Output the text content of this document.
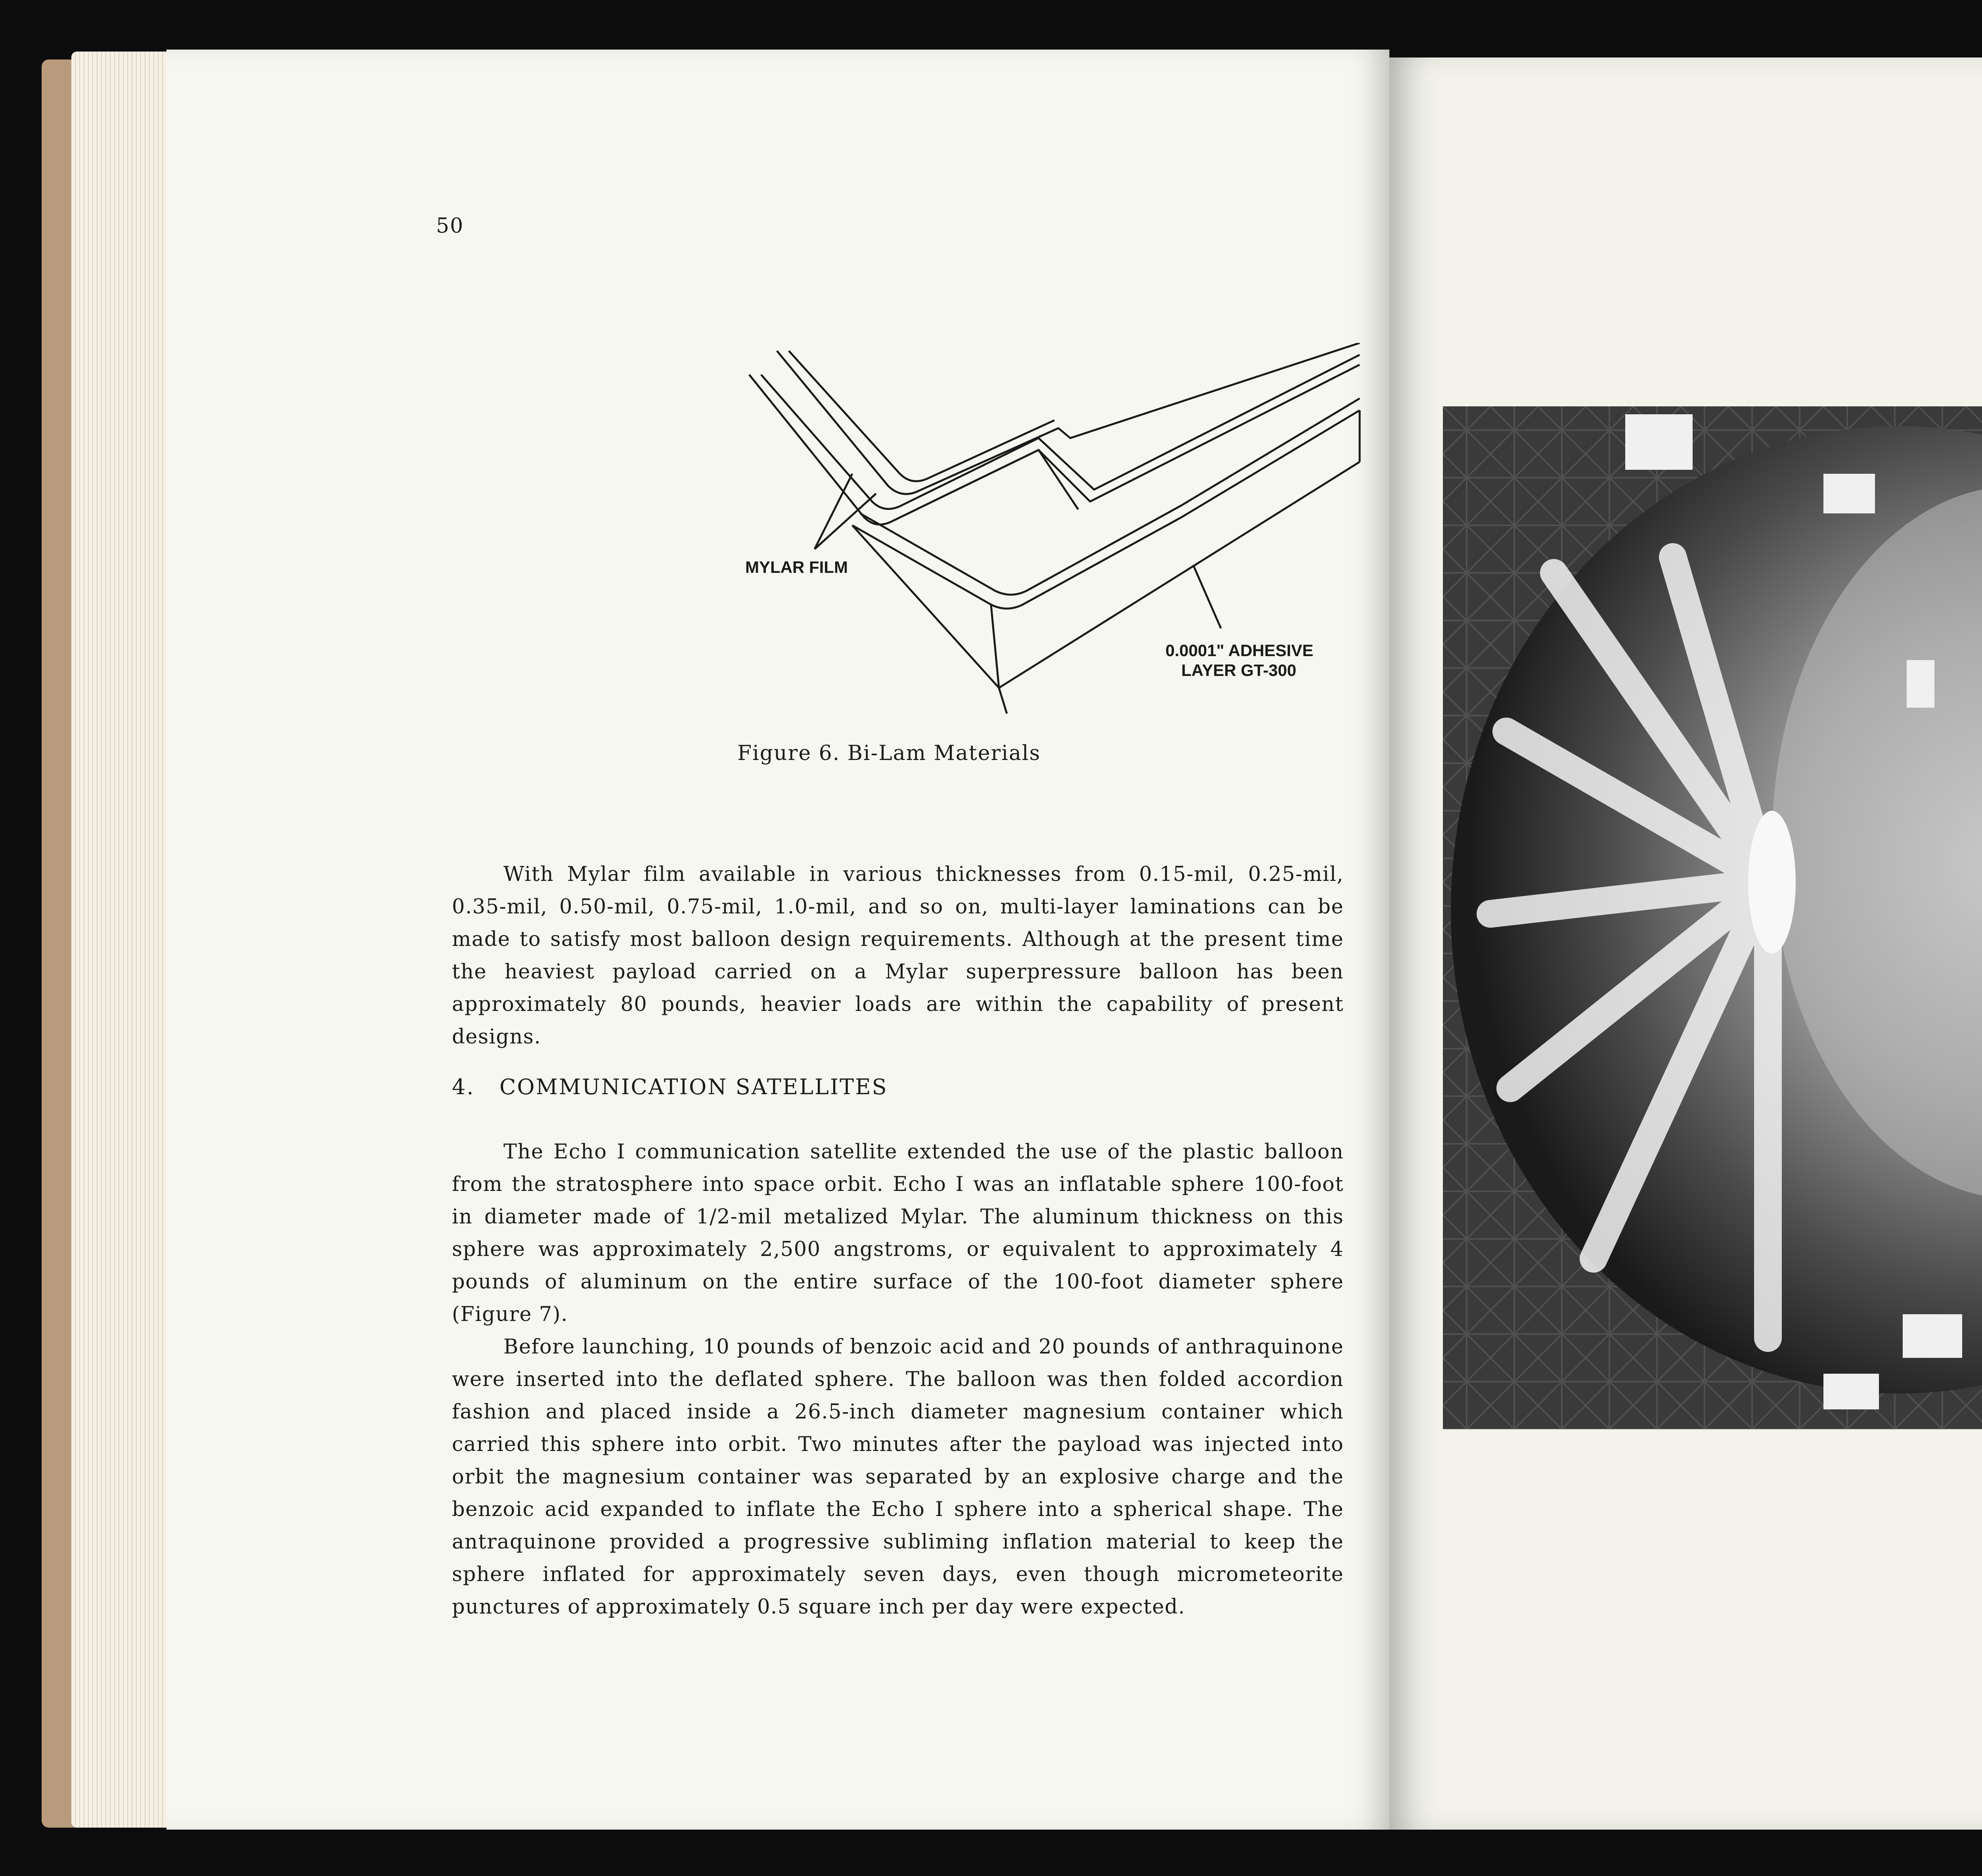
50
MYLAR FILM
0.0001" ADHESIVE
LAYER GT-300
Figure 6. Bi-Lam Materials

With Mylar film available in various thicknesses from 0.15-mil, 0.25-mil, 0.35-mil, 0.50-mil, 0.75-mil, 1.0-mil, and so on, multi-layer laminations can be made to satisfy most balloon design requirements. Although at the present time the heaviest payload carried on a Mylar superpressure balloon has been approximately 80 pounds, heavier loads are within the capability of present designs.

4. COMMUNICATION SATELLITES

The Echo I communication satellite extended the use of the plastic balloon from the stratosphere into space orbit. Echo I was an inflatable sphere 100-foot in diameter made of 1/2-mil metalized Mylar. The aluminum thickness on this sphere was approximately 2,500 angstroms, or equivalent to approximately 4 pounds of aluminum on the entire surface of the 100-foot diameter sphere (Figure 7).

Before launching, 10 pounds of benzoic acid and 20 pounds of anthraquinone were inserted into the deflated sphere. The balloon was then folded accordion fashion and placed inside a 26.5-inch diameter magnesium container which carried this sphere into orbit. Two minutes after the payload was injected into orbit the magnesium container was separated by an explosive charge and the benzoic acid expanded to inflate the Echo I sphere into a spherical shape. The antraquinone provided a progressive subliming inflation material to keep the sphere inflated for approximately seven days, even though micrometeorite punctures of approximately 0.5 square inch per day were expected.
